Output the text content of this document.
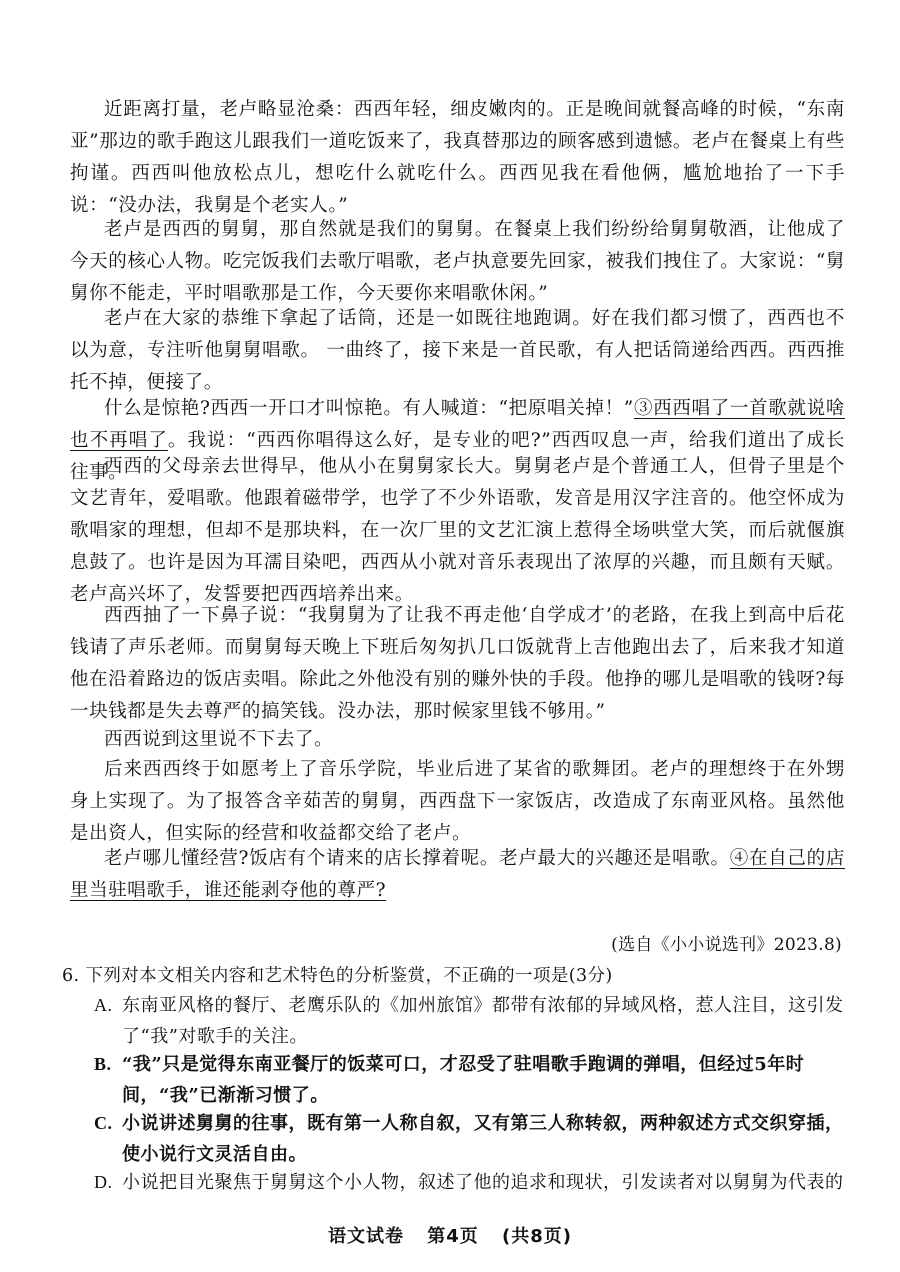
近距离打量，老卢略显沧桑：西西年轻，细皮嫩肉的。正是晚间就餐高峰的时候，“东南亚”那边的歌手跑这儿跟我们一道吃饭来了，我真替那边的顾客感到遗憾。老卢在餐桌上有些拘谨。西西叫他放松点儿，想吃什么就吃什么。西西见我在看他俩，尴尬地抬了一下手说：“没办法，我舅是个老实人。”

老卢是西西的舅舅，那自然就是我们的舅舅。在餐桌上我们纷纷给舅舅敬酒，让他成了今天的核心人物。吃完饭我们去歌厅唱歌，老卢执意要先回家，被我们拽住了。大家说：“舅舅你不能走，平时唱歌那是工作，今天要你来唱歌休闲。”

老卢在大家的恭维下拿起了话筒，还是一如既往地跑调。好在我们都习惯了，西西也不以为意，专注听他舅舅唱歌。 一曲终了，接下来是一首民歌，有人把话筒递给西西。西西推托不掉，便接了。

什么是惊艳?西西一开口才叫惊艳。有人喊道：“把原唱关掉！”③西西唱了一首歌就说啥也不再唱了。我说：“西西你唱得这么好，是专业的吧?”西西叹息一声，给我们道出了成长往事。

西西的父母亲去世得早，他从小在舅舅家长大。舅舅老卢是个普通工人，但骨子里是个文艺青年，爱唱歌。他跟着磁带学，也学了不少外语歌，发音是用汉字注音的。他空怀成为歌唱家的理想，但却不是那块料，在一次厂里的文艺汇演上惹得全场哄堂大笑，而后就偃旗息鼓了。也许是因为耳濡目染吧，西西从小就对音乐表现出了浓厚的兴趣，而且颇有天赋。老卢高兴坏了，发誓要把西西培养出来。

西西抽了一下鼻子说：“我舅舅为了让我不再走他‘自学成才’的老路，在我上到高中后花钱请了声乐老师。而舅舅每天晚上下班后匆匆扒几口饭就背上吉他跑出去了，后来我才知道他在沿着路边的饭店卖唱。除此之外他没有别的赚外快的手段。他挣的哪儿是唱歌的钱呀?每一块钱都是失去尊严的搞笑钱。没办法，那时候家里钱不够用。”

西西说到这里说不下去了。

后来西西终于如愿考上了音乐学院，毕业后进了某省的歌舞团。老卢的理想终于在外甥身上实现了。为了报答含辛茹苦的舅舅，西西盘下一家饭店，改造成了东南亚风格。虽然他是出资人，但实际的经营和收益都交给了老卢。

老卢哪儿懂经营?饭店有个请来的店长撑着呢。老卢最大的兴趣还是唱歌。④在自己的店里当驻唱歌手，谁还能剥夺他的尊严?

(选自《小小说选刊》2023.8)

6. 下列对本文相关内容和艺术特色的分析鉴赏，不正确的一项是(3分)

A. 东南亚风格的餐厅、老鹰乐队的《加州旅馆》都带有浓郁的异域风格，惹人注目，这引发了“我”对歌手的关注。
B. “我”只是觉得东南亚餐厅的饭菜可口，才忍受了驻唱歌手跑调的弹唱，但经过5年时间，“我”已渐渐习惯了。
C. 小说讲述舅舅的往事，既有第一人称自叙，又有第三人称转叙，两种叙述方式交织穿插，使小说行文灵活自由。
D. 小说把目光聚焦于舅舅这个小人物，叙述了他的追求和现状，引发读者对以舅舅为代表的
语文试卷 第4页 (共8页)
